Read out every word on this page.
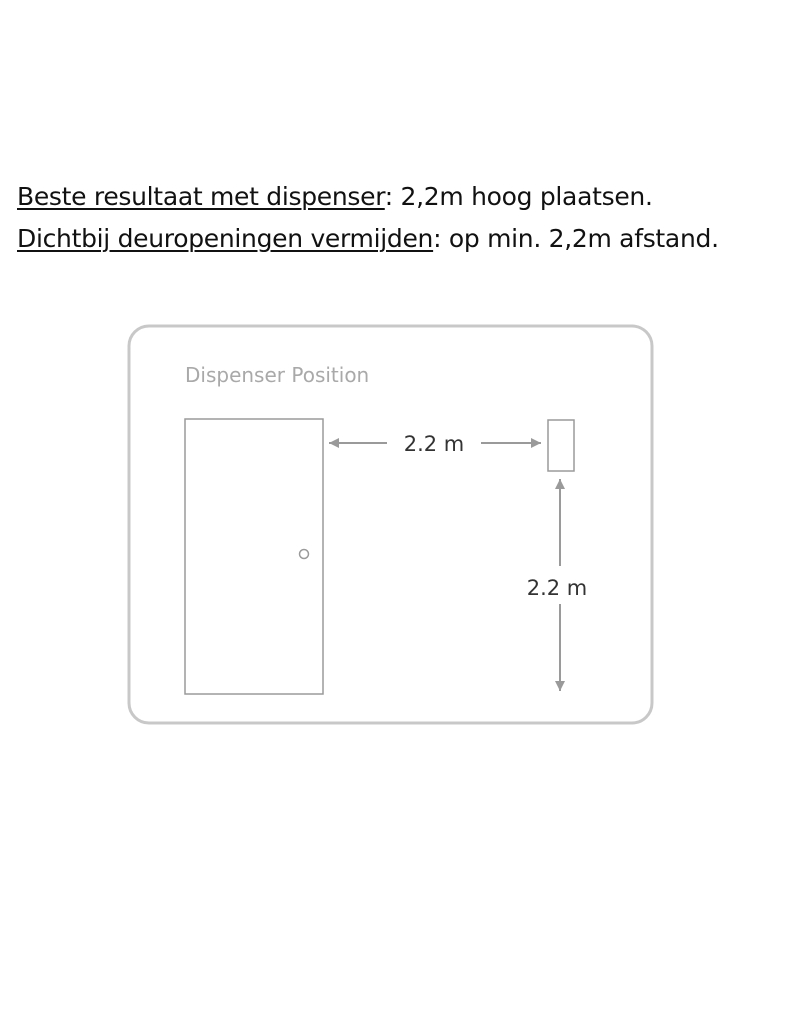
Beste resultaat met dispenser: 2,2m hoog plaatsen.
Dichtbij deuropeningen vermijden: op min. 2,2m afstand.
Dispenser Position
2.2 m
2.2 m
